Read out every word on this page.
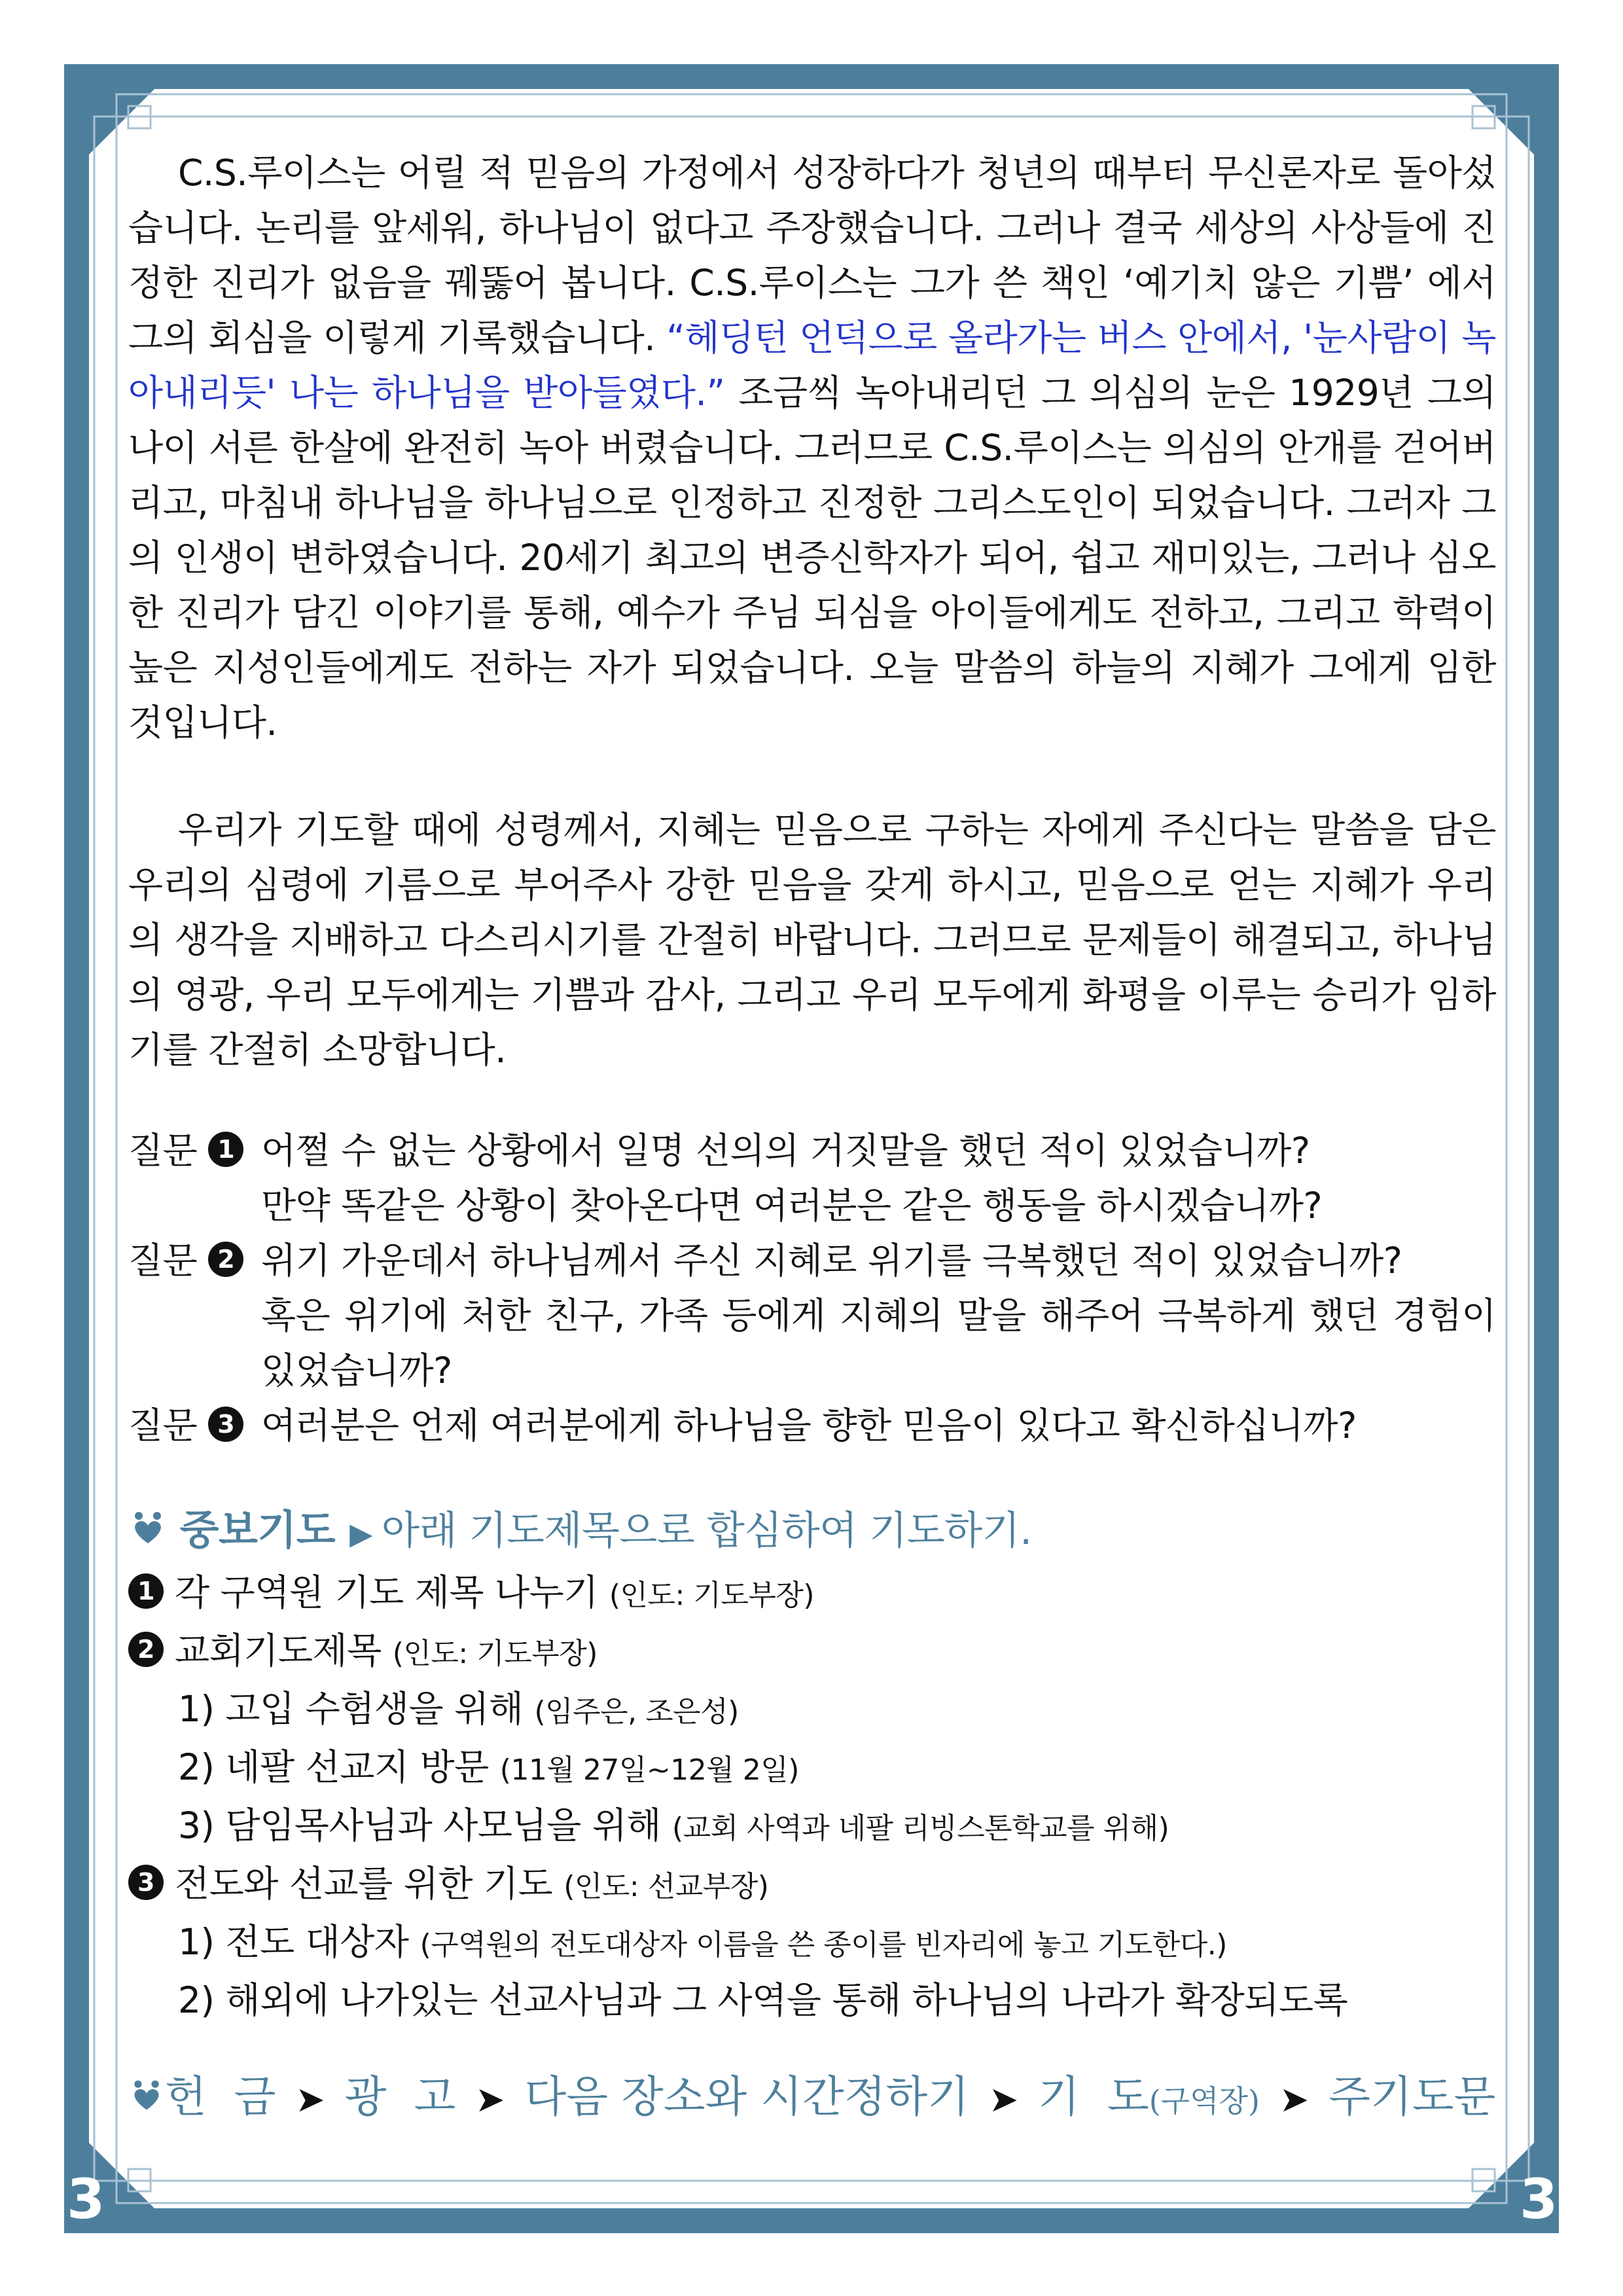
3	3

C.S.루이스는 어릴 적 믿음의 가정에서 성장하다가 청년의 때부터 무신론자로 돌아섰습니다. 논리를 앞세워, 하나님이 없다고 주장했습니다. 그러나 결국 세상의 사상들에 진정한 진리가 없음을 꿰뚫어 봅니다. C.S.루이스는 그가 쓴 책인 ‘예기치 않은 기쁨’ 에서 그의 회심을 이렇게 기록했습니다. “헤딩턴 언덕으로 올라가는 버스 안에서, '눈사람이 녹아내리듯' 나는 하나님을 받아들였다.” 조금씩 녹아내리던 그 의심의 눈은 1929년 그의 나이 서른 한살에 완전히 녹아 버렸습니다. 그러므로 C.S.루이스는 의심의 안개를 걷어버리고, 마침내 하나님을 하나님으로 인정하고 진정한 그리스도인이 되었습니다. 그러자 그의 인생이 변하였습니다. 20세기 최고의 변증신학자가 되어, 쉽고 재미있는, 그러나 심오한 진리가 담긴 이야기를 통해, 예수가 주님 되심을 아이들에게도 전하고, 그리고 학력이 높은 지성인들에게도 전하는 자가 되었습니다. 오늘 말씀의 하늘의 지혜가 그에게 임한 것입니다.

우리가 기도할 때에 성령께서, 지혜는 믿음으로 구하는 자에게 주신다는 말씀을 담은 우리의 심령에 기름으로 부어주사 강한 믿음을 갖게 하시고, 믿음으로 얻는 지혜가 우리의 생각을 지배하고 다스리시기를 간절히 바랍니다. 그러므로 문제들이 해결되고, 하나님의 영광, 우리 모두에게는 기쁨과 감사, 그리고 우리 모두에게 화평을 이루는 승리가 임하기를 간절히 소망합니다.

질문 1 어쩔 수 없는 상황에서 일명 선의의 거짓말을 했던 적이 있었습니까?
만약 똑같은 상황이 찾아온다면 여러분은 같은 행동을 하시겠습니까?
질문 2 위기 가운데서 하나님께서 주신 지혜로 위기를 극복했던 적이 있었습니까?
혹은 위기에 처한 친구, 가족 등에게 지혜의 말을 해주어 극복하게 했던 경험이 있었습니까?
질문 3 여러분은 언제 여러분에게 하나님을 향한 믿음이 있다고 확신하십니까?
중보기도 ▶ 아래 기도제목으로 합심하여 기도하기.
1 각 구역원 기도 제목 나누기 (인도: 기도부장)
2 교회기도제목 (인도: 기도부장)
1) 고입 수험생을 위해 (임주은, 조은성)
2) 네팔 선교지 방문 (11월 27일~12월 2일)
3) 담임목사님과 사모님을 위해 (교회 사역과 네팔 리빙스톤학교를 위해)
3 전도와 선교를 위한 기도 (인도: 선교부장)
1) 전도 대상자 (구역원의 전도대상자 이름을 쓴 종이를 빈자리에 놓고 기도한다.)
2) 해외에 나가있는 선교사님과 그 사역을 통해 하나님의 나라가 확장되도록
헌  금 ➤ 광  고 ➤ 다음 장소와 시간정하기 ➤ 기  도(구역장) ➤ 주기도문
